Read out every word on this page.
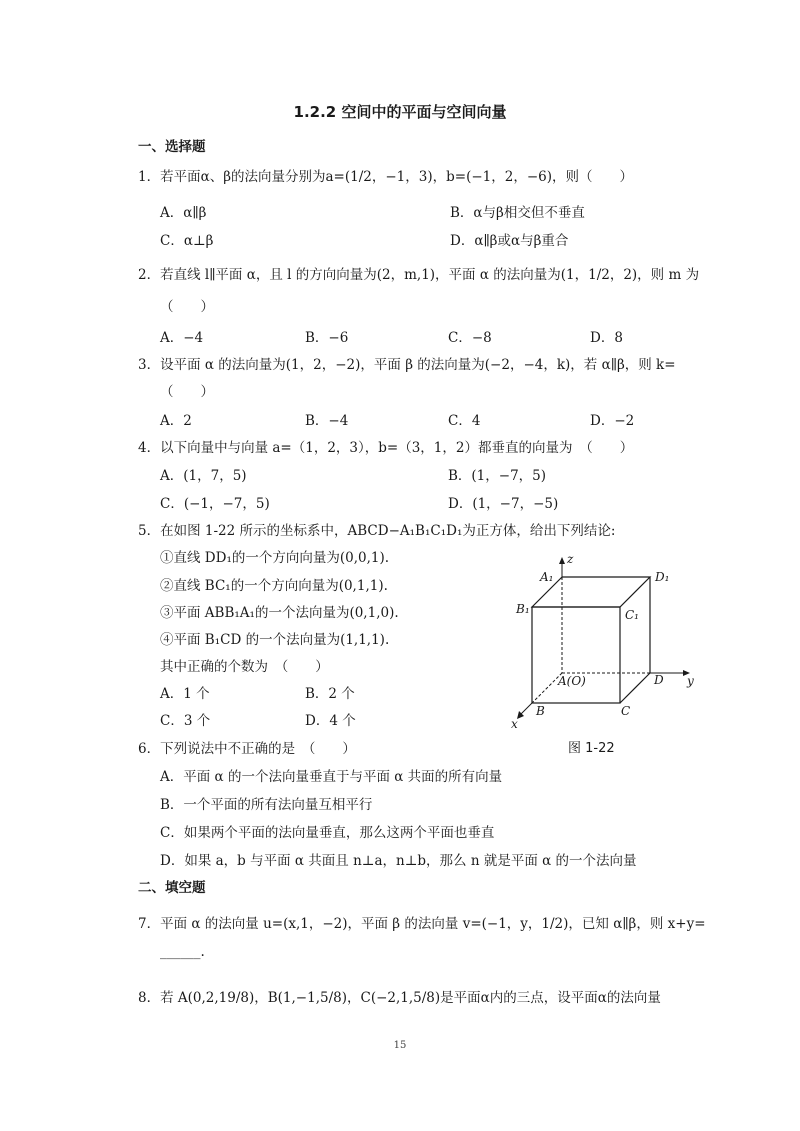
1.2.2 空间中的平面与空间向量
一、选择题
1．若平面α、β的法向量分别为a=(1/2，−1，3)，b=(−1，2，−6)，则（　　）
A．α∥β	B．α与β相交但不垂直
C．α⊥β	D．α∥β或α与β重合
2．若直线 l∥平面 α，且 l 的方向向量为(2，m,1)，平面 α 的法向量为(1，1/2，2)，则 m 为
（　　）
A．−4	B．−6	C．−8	D．8
3．设平面 α 的法向量为(1，2，−2)，平面 β 的法向量为(−2，−4，k)，若 α∥β，则 k=
（　　）
A．2	B．−4	C．4	D．−2
4．以下向量中与向量 a=（1，2，3），b=（3，1，2）都垂直的向量为　（　　）
A．(1，7，5)	B．(1，−7，5)
C．(−1，−7，5)	D．(1，−7，−5)
5．在如图 1-22 所示的坐标系中，ABCD−A₁B₁C₁D₁为正方体，给出下列结论:
①直线 DD₁的一个方向向量为(0,0,1).
②直线 BC₁的一个方向向量为(0,1,1).
③平面 ABB₁A₁的一个法向量为(0,1,0).
④平面 B₁CD 的一个法向量为(1,1,1).
其中正确的个数为　（　　）
A．1 个	B．2 个
C．3 个	D．4 个
z
A₁	D₁
B₁	C₁
A(O)	D y
B	C
x
图 1-22
6．下列说法中不正确的是　（　　）
A．平面 α 的一个法向量垂直于与平面 α 共面的所有向量
B．一个平面的所有法向量互相平行
C．如果两个平面的法向量垂直，那么这两个平面也垂直
D．如果 a，b 与平面 α 共面且 n⊥a，n⊥b，那么 n 就是平面 α 的一个法向量
二、填空题
7．平面 α 的法向量 u=(x,1，−2)，平面 β 的法向量 v=(−1，y，1/2)，已知 α∥β，则 x+y=
______.
8．若 A(0,2,19/8)，B(1,−1,5/8)，C(−2,1,5/8)是平面α内的三点，设平面α的法向量
15
